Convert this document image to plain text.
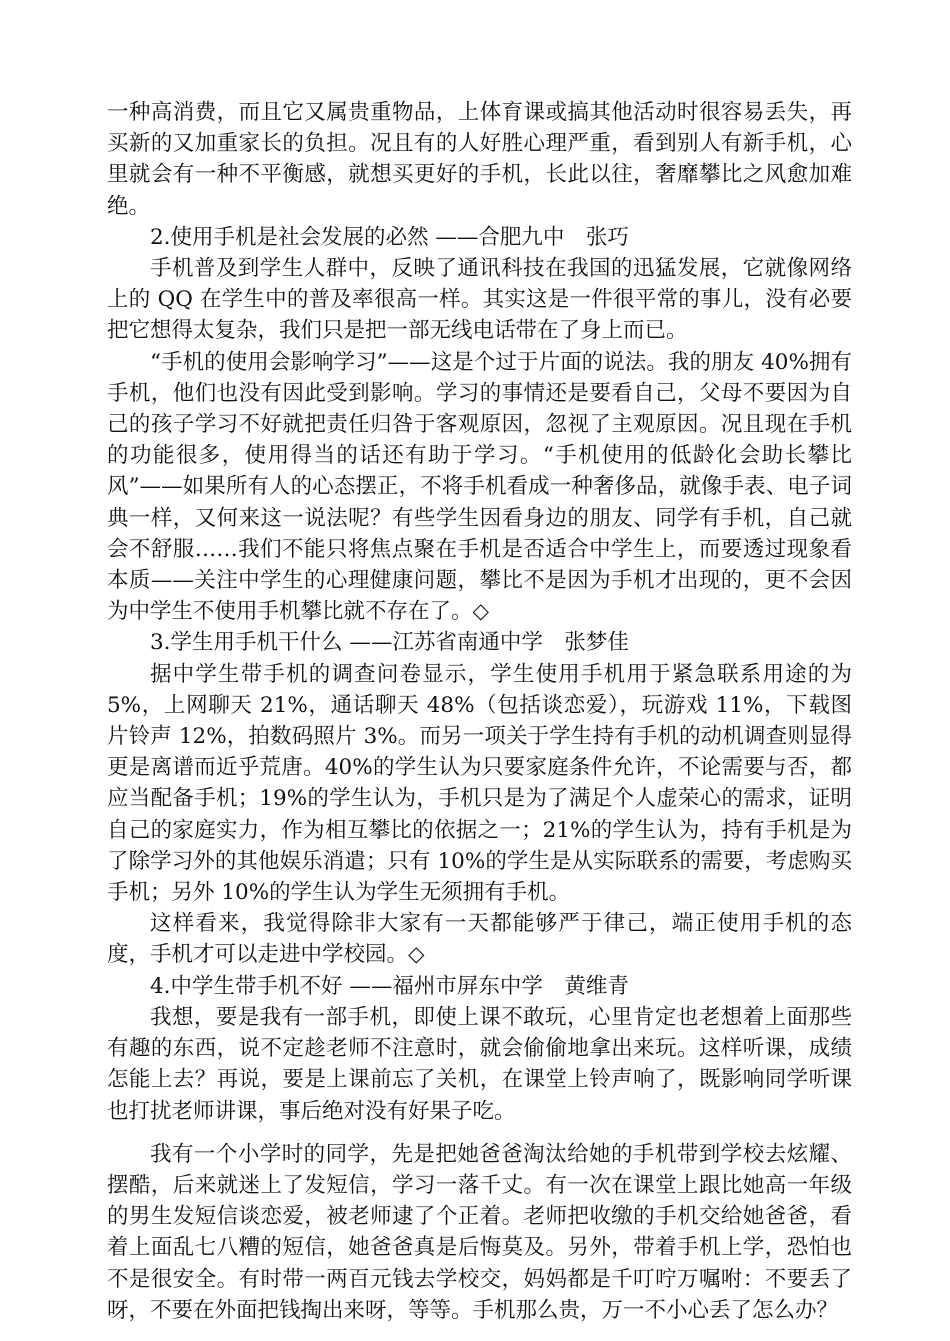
一种高消费，而且它又属贵重物品，上体育课或搞其他活动时很容易丢失，再买新的又加重家长的负担。况且有的人好胜心理严重，看到别人有新手机，心里就会有一种不平衡感，就想买更好的手机，长此以往，奢靡攀比之风愈加难绝。

2.使用手机是社会发展的必然 ——合肥九中　张巧

手机普及到学生人群中，反映了通讯科技在我国的迅猛发展，它就像网络上的 QQ 在学生中的普及率很高一样。其实这是一件很平常的事儿，没有必要把它想得太复杂，我们只是把一部无线电话带在了身上而已。

“手机的使用会影响学习”——这是个过于片面的说法。我的朋友 40%拥有手机，他们也没有因此受到影响。学习的事情还是要看自己，父母不要因为自己的孩子学习不好就把责任归咎于客观原因，忽视了主观原因。况且现在手机的功能很多，使用得当的话还有助于学习。“手机使用的低龄化会助长攀比风”——如果所有人的心态摆正，不将手机看成一种奢侈品，就像手表、电子词典一样，又何来这一说法呢？有些学生因看身边的朋友、同学有手机，自己就会不舒服……我们不能只将焦点聚在手机是否适合中学生上，而要透过现象看本质——关注中学生的心理健康问题，攀比不是因为手机才出现的，更不会因为中学生不使用手机攀比就不存在了。◇

3.学生用手机干什么 ——江苏省南通中学　张梦佳

据中学生带手机的调查问卷显示，学生使用手机用于紧急联系用途的为 5%，上网聊天 21%，通话聊天 48%（包括谈恋爱），玩游戏 11%，下载图片铃声 12%，拍数码照片 3%。而另一项关于学生持有手机的动机调查则显得更是离谱而近乎荒唐。40%的学生认为只要家庭条件允许，不论需要与否，都应当配备手机；19%的学生认为，手机只是为了满足个人虚荣心的需求，证明自己的家庭实力，作为相互攀比的依据之一；21%的学生认为，持有手机是为了除学习外的其他娱乐消遣；只有 10%的学生是从实际联系的需要，考虑购买手机；另外 10%的学生认为学生无须拥有手机。

这样看来，我觉得除非大家有一天都能够严于律己，端正使用手机的态度，手机才可以走进中学校园。◇

4.中学生带手机不好 ——福州市屏东中学　黄维青

我想，要是我有一部手机，即使上课不敢玩，心里肯定也老想着上面那些有趣的东西，说不定趁老师不注意时，就会偷偷地拿出来玩。这样听课，成绩怎能上去？再说，要是上课前忘了关机，在课堂上铃声响了，既影响同学听课也打扰老师讲课，事后绝对没有好果子吃。

我有一个小学时的同学，先是把她爸爸淘汰给她的手机带到学校去炫耀、摆酷，后来就迷上了发短信，学习一落千丈。有一次在课堂上跟比她高一年级的男生发短信谈恋爱，被老师逮了个正着。老师把收缴的手机交给她爸爸，看着上面乱七八糟的短信，她爸爸真是后悔莫及。另外，带着手机上学，恐怕也不是很安全。有时带一两百元钱去学校交，妈妈都是千叮咛万嘱咐：不要丢了呀，不要在外面把钱掏出来呀，等等。手机那么贵，万一不小心丢了怎么办？
